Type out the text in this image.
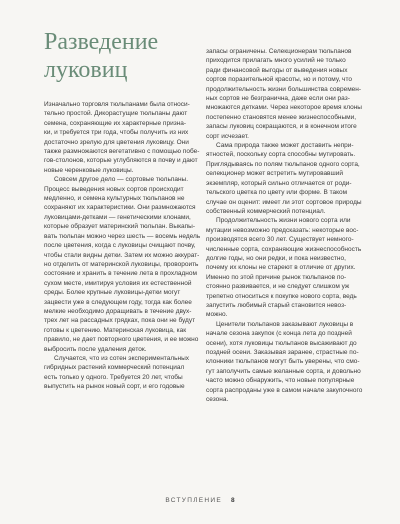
Разведение
луковиц

Изначально торговля тюльпанами была относи-

тельно простой. Дикорастущие тюльпаны дают

семена, сохраняющие их характерные призна-

ки, и требуется три года, чтобы получить из них

достаточно зрелую для цветения луковицу. Они

также размножаются вегетативно с помощью побе-

гов-столонов, которые углубляются в почву и дают

новые черенковые луковицы.

Совсем другое дело — сортовые тюльпаны.

Процесс выведения новых сортов происходит

медленно, и семена культурных тюльпанов не

сохраняют их характеристики. Они размножаются

луковицами-детками — генетическими клонами,

которые образует материнский тюльпан. Выкапы-

вать тюльпан можно через шесть — восемь недель

после цветения, когда с луковицы счищают почву,

чтобы стали видны детки. Затем их можно аккурат-

но отделить от материнской луковицы, провороить

состояние и хранить в течение лета в прохладном

сухом месте, имитируя условия их естественной

среды. Более крупные луковицы-детки могут

зацвести уже в следующем году, тогда как более

мелкие необходимо доращивать в течение двух-

трех лет на рассадных грядках, пока они не будут

готовы к цветению. Материнская луковица, как

правило, не дает повторного цветения, и ее можно

выбросить после удаления деток.

Случается, что из сотен экспериментальных

гибридных растений коммерческий потенциал

есть только у одного. Требуется 20 лет, чтобы

выпустить на рынок новый сорт, и его годовые

запасы ограничены. Селекционерам тюльпанов

приходится прилагать много усилий не только

ради финансовой выгоды от выведения новых

сортов поразительной красоты, но и потому, что

продолжительность жизни большинства современ-

ных сортов не безгранична, даже если они раз-

множаются детками. Через некоторое время клоны

постепенно становятся менее жизнеспособными,

запасы луковиц сокращаются, и в конечном итоге

сорт исчезает.

Сама природа также может доставить непри-

ятностей, поскольку сорта способны мутировать.

Приглядываясь по полям тюльпанов одного сорта,

селекционер может встретить мутировавший

экземпляр, который сильно отличается от роди-

тельского цветка по цвету или форме. В таком

случае он оценит: имеет ли этот сортовое природы

собственный коммерческий потенциал.

Продолжительность жизни нового сорта или

мутации невозможно предсказать: некоторые вос-

производятся всего 30 лет. Существует немного-

численные сорта, сохраняющие жизнеспособность

долгие годы, но они редки, и пока неизвестно,

почему их клоны не стареют в отличие от других.

Именно по этой причине рынок тюльпанов по-

стоянно развивается, и не следует слишком уж

трепетно относиться к покупке нового сорта, ведь

запустить любимый старый становится невоз-

можно.

Ценители тюльпанов заказывают луковицы в

начале сезона закупок (с конца лета до поздней

осени), хотя луковицы тюльпанов высаживают до

поздней осени. Заказывая заранее, страстные по-

клонники тюльпанов могут быть уверены, что смо-

гут заполучить самые желанные сорта, и довольно

часто можно обнаружить, что новые популярные

сорта распроданы уже в самом начале закупочного

сезона.

ВСТУПЛЕНИЕ 8
